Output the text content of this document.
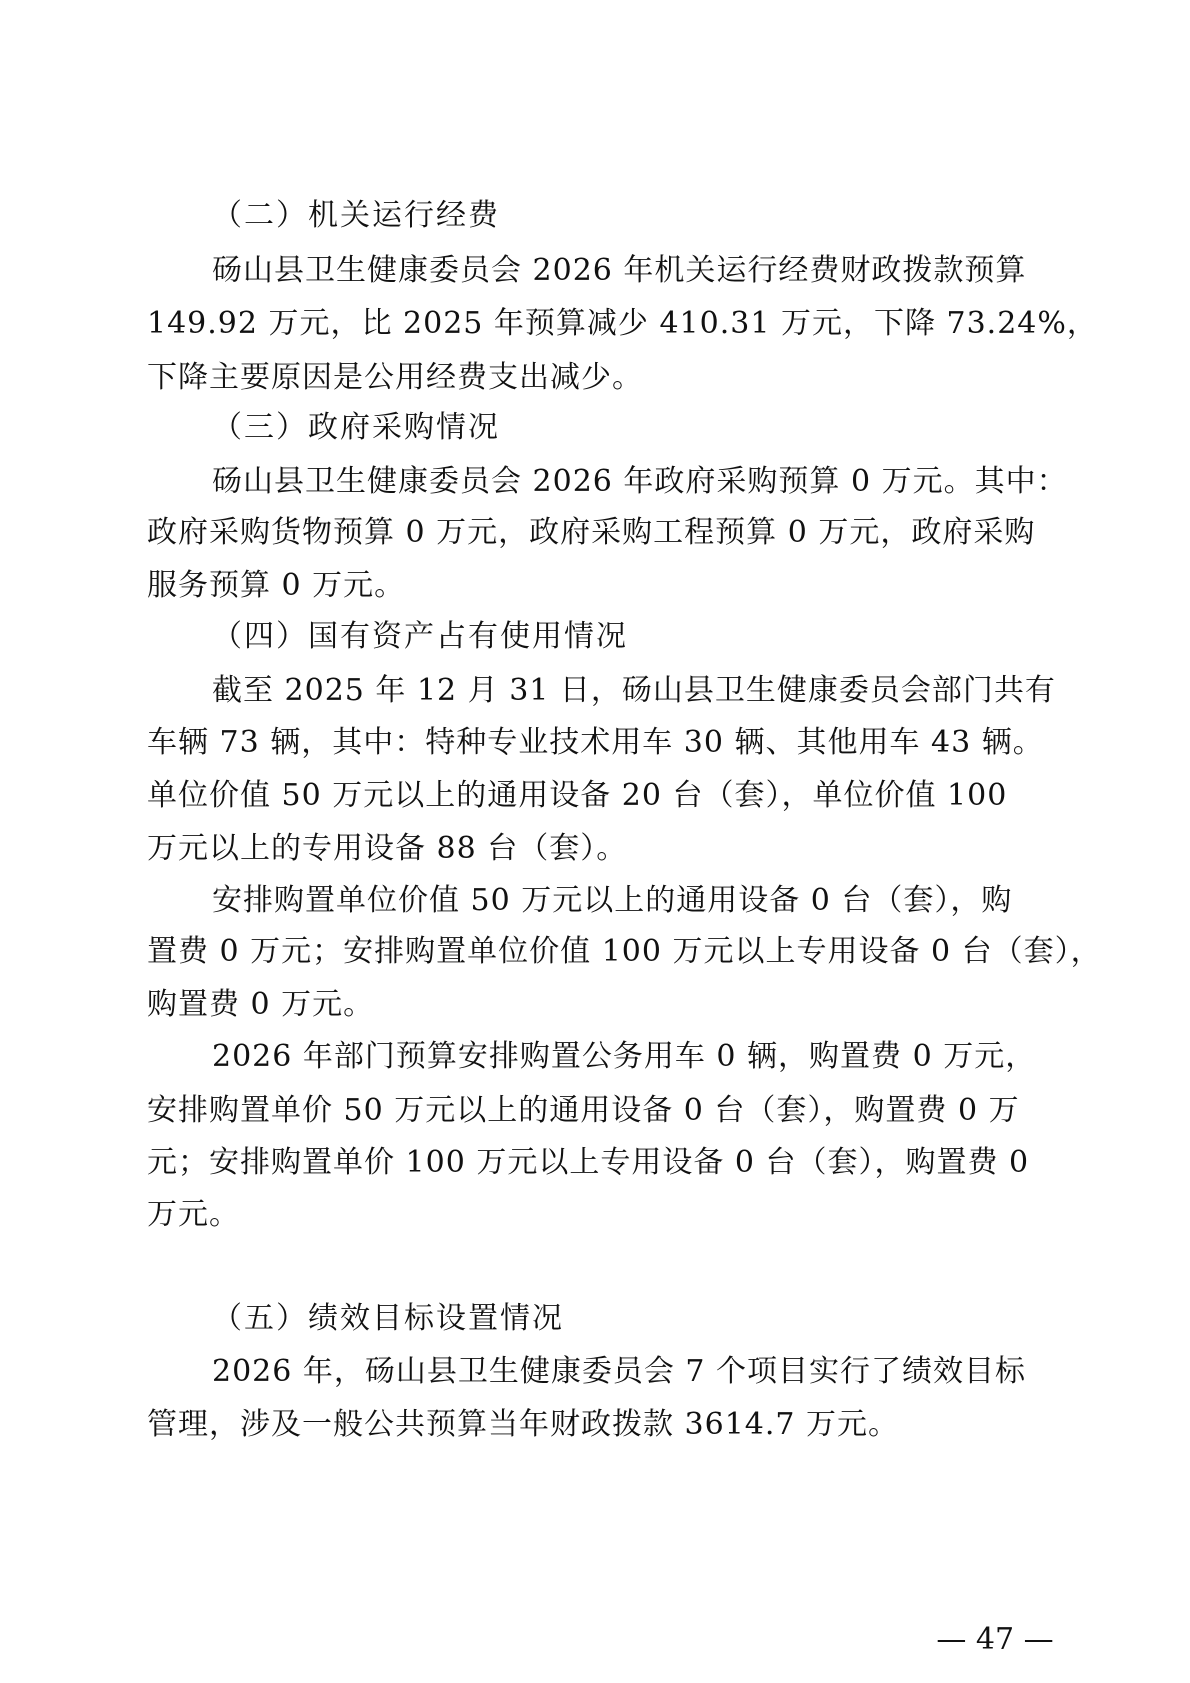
（二）机关运行经费
砀山县卫生健康委员会 2026 年机关运行经费财政拨款预算
149.92 万元，比 2025 年预算减少 410.31 万元，下降 73.24%，
下降主要原因是公用经费支出减少。
（三）政府采购情况
砀山县卫生健康委员会 2026 年政府采购预算 0 万元。其中：
政府采购货物预算 0 万元，政府采购工程预算 0 万元，政府采购
服务预算 0 万元。
（四）国有资产占有使用情况
截至 2025 年 12 月 31 日，砀山县卫生健康委员会部门共有
车辆 73 辆，其中：特种专业技术用车 30 辆、其他用车 43 辆。
单位价值 50 万元以上的通用设备 20 台（套），单位价值 100
万元以上的专用设备 88 台（套）。
安排购置单位价值 50 万元以上的通用设备 0 台（套），购
置费 0 万元；安排购置单位价值 100 万元以上专用设备 0 台（套），
购置费 0 万元。
2026 年部门预算安排购置公务用车 0 辆，购置费 0 万元，
安排购置单价 50 万元以上的通用设备 0 台（套），购置费 0 万
元；安排购置单价 100 万元以上专用设备 0 台（套），购置费 0
万元。
（五）绩效目标设置情况
2026 年，砀山县卫生健康委员会 7 个项目实行了绩效目标
管理，涉及一般公共预算当年财政拨款 3614.7 万元。
— 47 —
